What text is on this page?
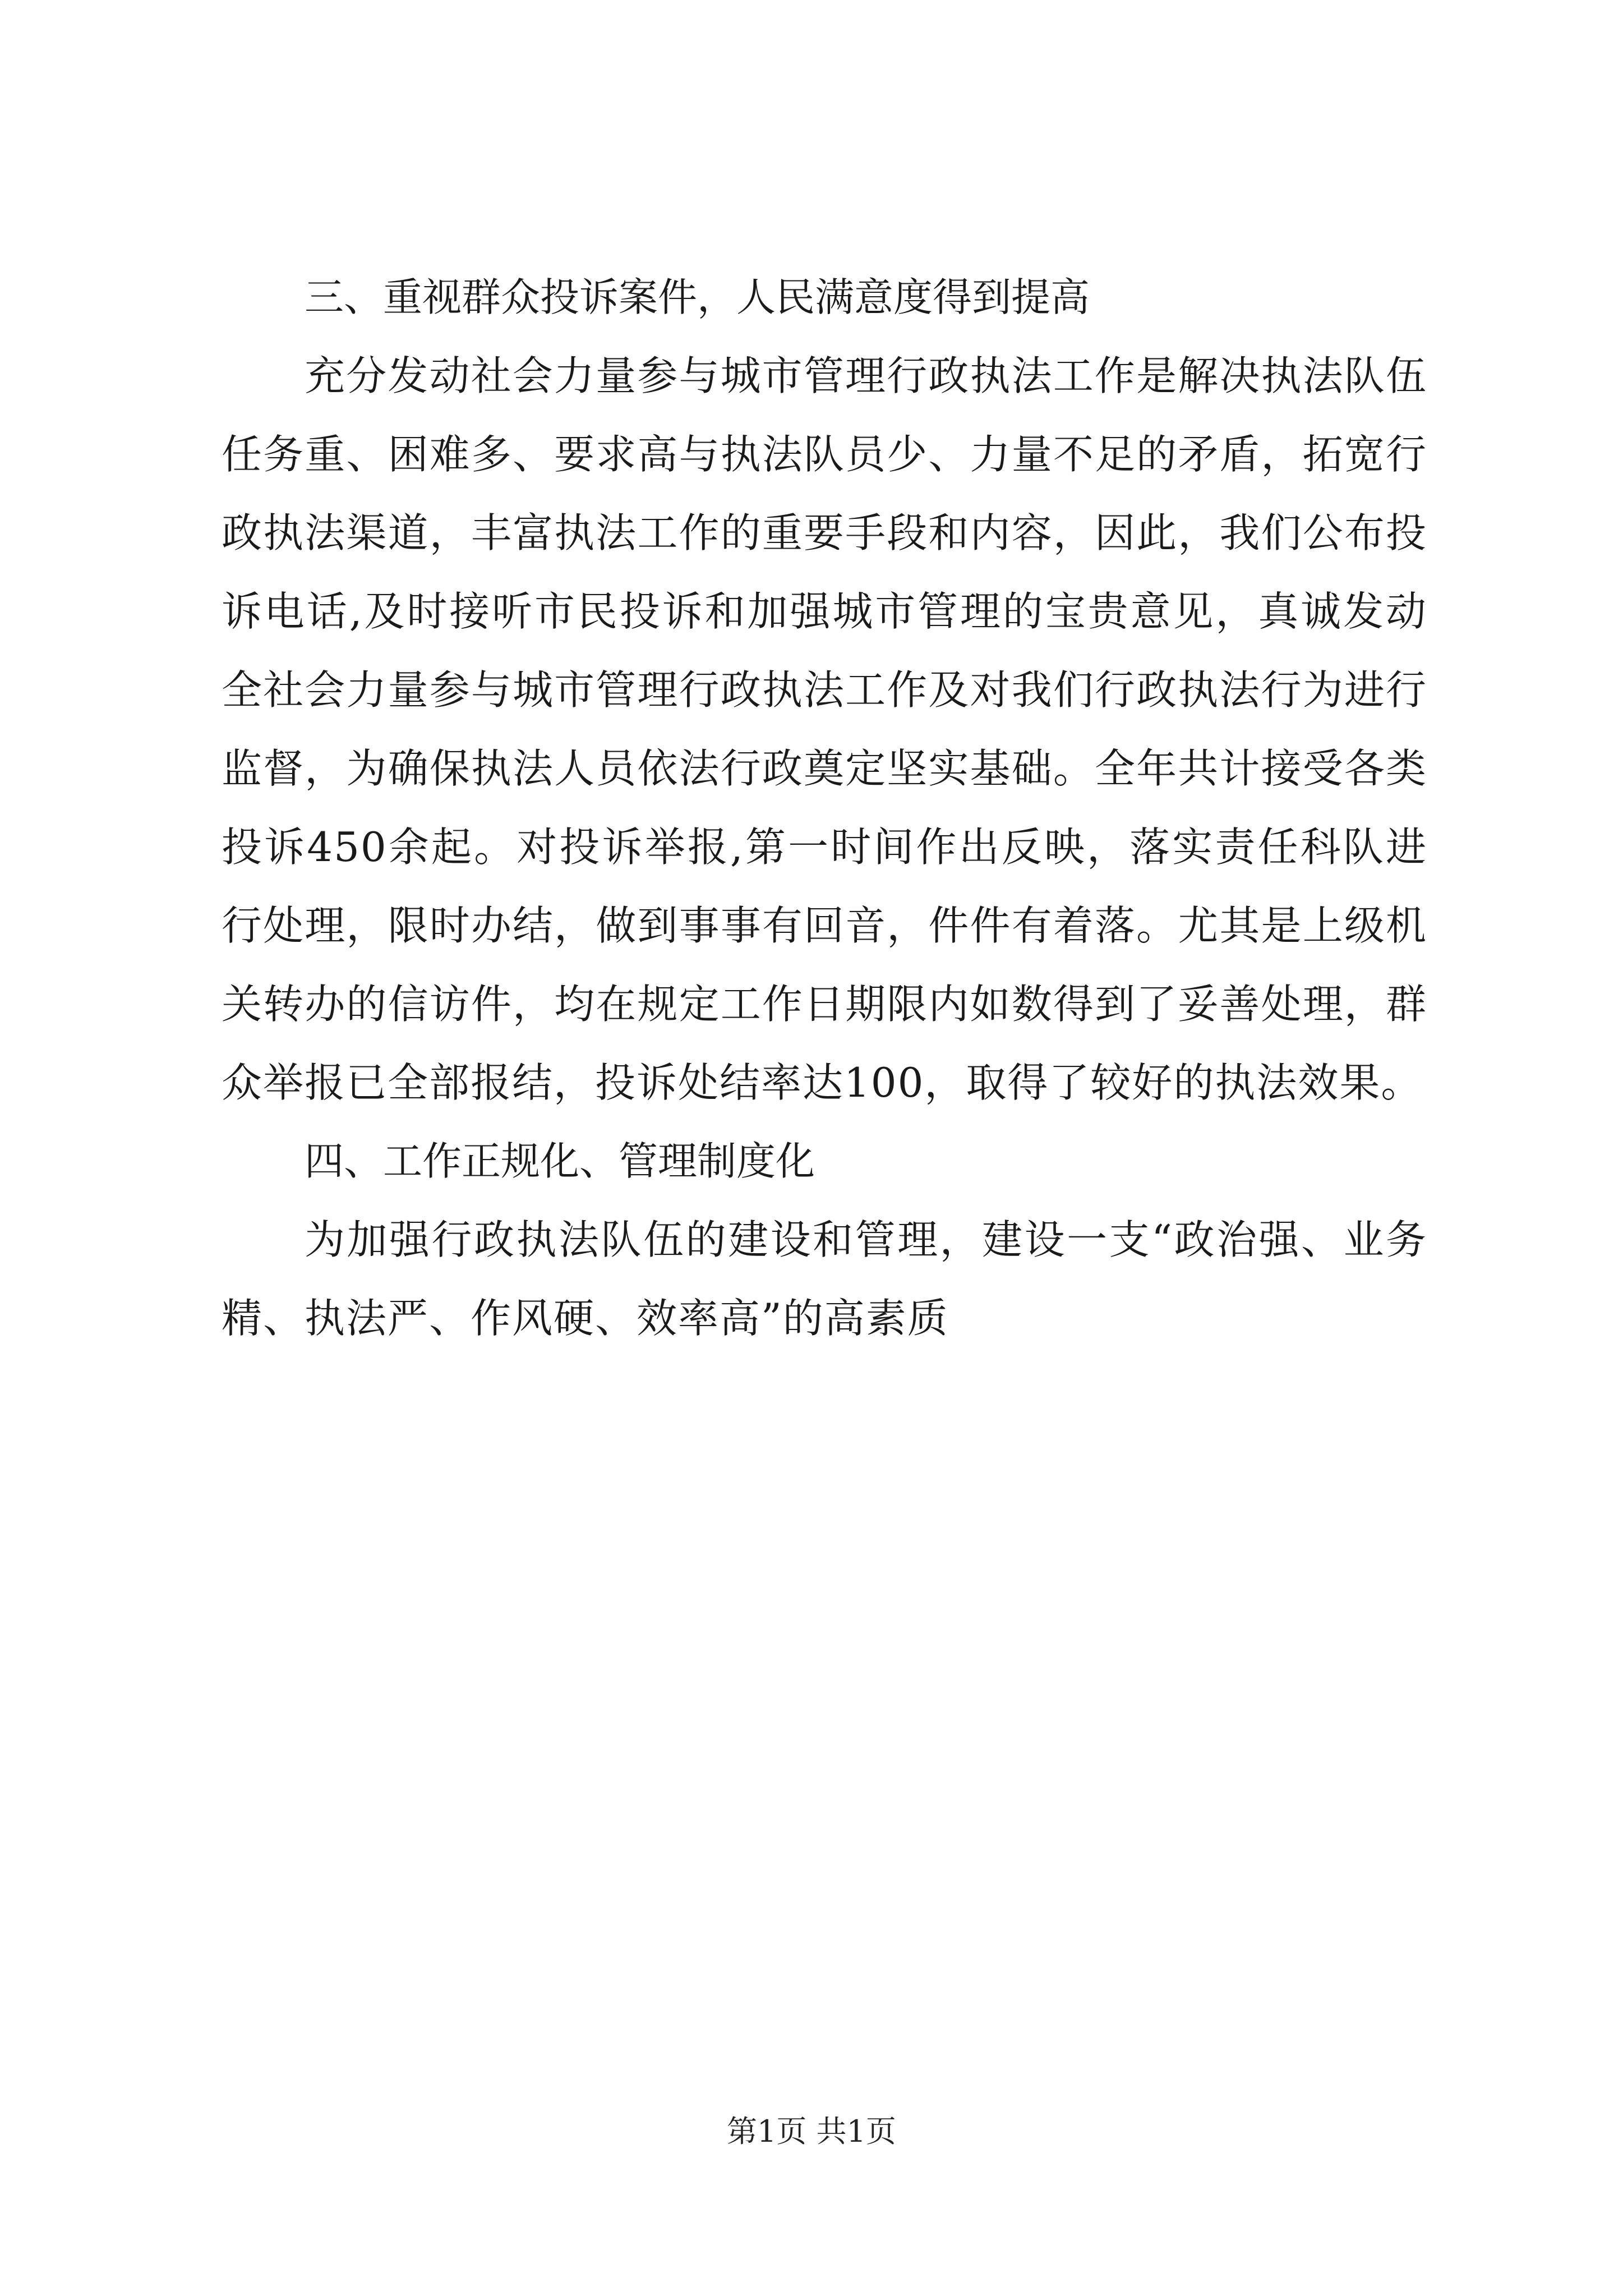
三、重视群众投诉案件，人民满意度得到提高

充分发动社会力量参与城市管理行政执法工作是解决执法队伍任务重、困难多、要求高与执法队员少、力量不足的矛盾，拓宽行政执法渠道，丰富执法工作的重要手段和内容，因此，我们公布投诉电话,及时接听市民投诉和加强城市管理的宝贵意见，真诚发动全社会力量参与城市管理行政执法工作及对我们行政执法行为进行监督，为确保执法人员依法行政奠定坚实基础。全年共计接受各类投诉450余起。对投诉举报,第一时间作出反映，落实责任科队进行处理，限时办结，做到事事有回音，件件有着落。尤其是上级机关转办的信访件，均在规定工作日期限内如数得到了妥善处理，群众举报已全部报结，投诉处结率达100，取得了较好的执法效果。

四、工作正规化、管理制度化

为加强行政执法队伍的建设和管理，建设一支“政治强、业务精、执法严、作风硬、效率高”的高素质

第1页 共1页
